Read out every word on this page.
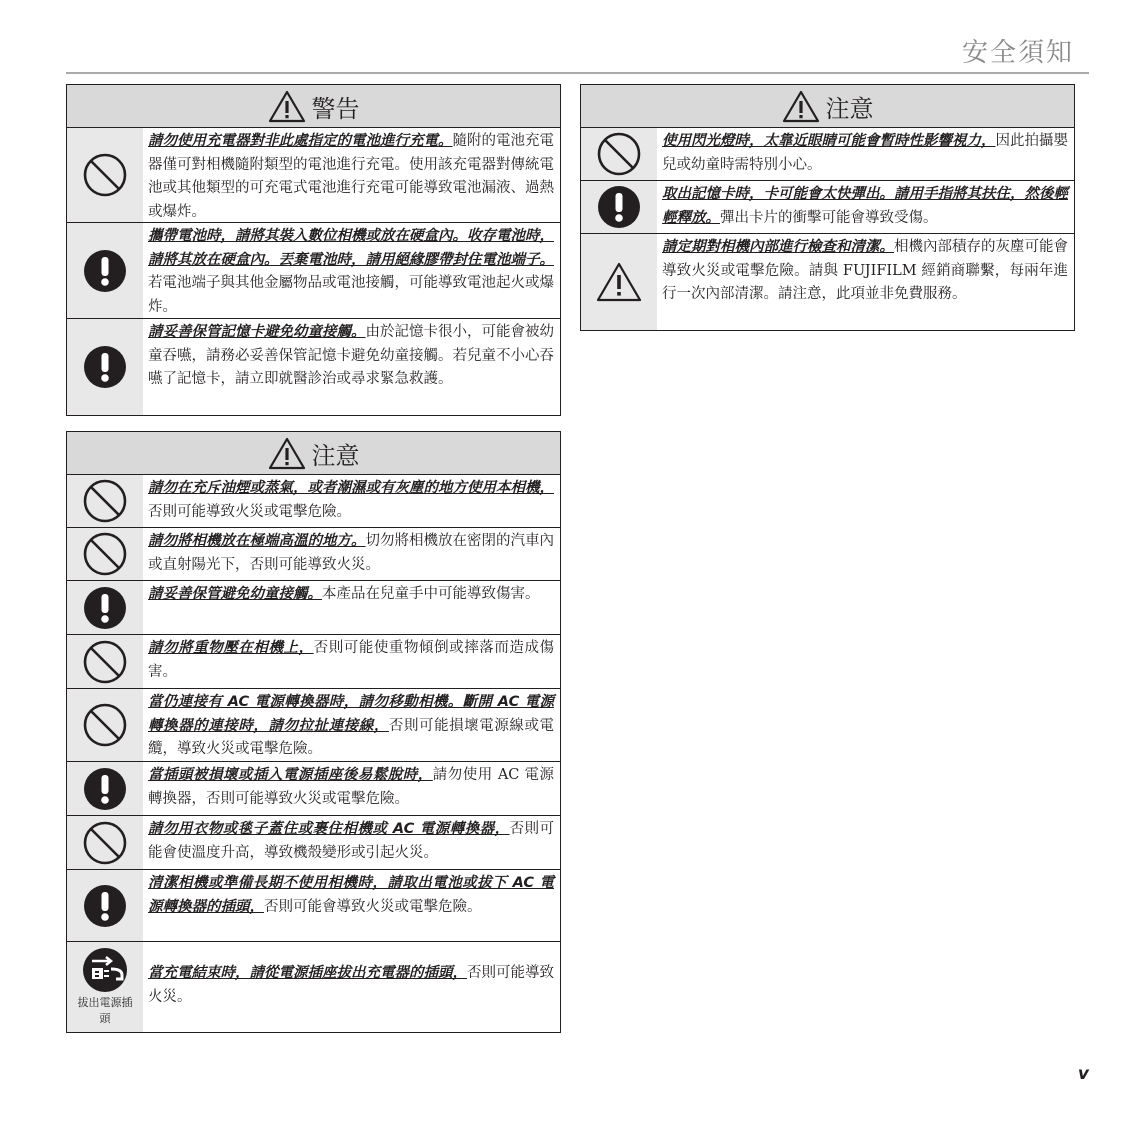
安全須知
警告
請勿使用充電器對非此處指定的電池進行充電。隨附的電池充電器僅可對相機隨附類型的電池進行充電。使用該充電器對傳統電池或其他類型的可充電式電池進行充電可能導致電池漏液、過熱或爆炸。
攜帶電池時，請將其裝入數位相機或放在硬盒內。收存電池時，請將其放在硬盒內。丟棄電池時，請用絕緣膠帶封住電池端子。若電池端子與其他金屬物品或電池接觸，可能導致電池起火或爆炸。
請妥善保管記憶卡避免幼童接觸。由於記憶卡很小，可能會被幼童吞嚥，請務必妥善保管記憶卡避免幼童接觸。若兒童不小心吞嚥了記憶卡，請立即就醫診治或尋求緊急救護。
注意
請勿在充斥油煙或蒸氣，或者潮濕或有灰塵的地方使用本相機，否則可能導致火災或電擊危險。
請勿將相機放在極端高溫的地方。切勿將相機放在密閉的汽車內或直射陽光下，否則可能導致火災。
請妥善保管避免幼童接觸。本產品在兒童手中可能導致傷害。
請勿將重物壓在相機上，否則可能使重物傾倒或摔落而造成傷害。
當仍連接有 AC 電源轉換器時，請勿移動相機。斷開 AC 電源轉換器的連接時，請勿拉扯連接線，否則可能損壞電源線或電纜，導致火災或電擊危險。
當插頭被損壞或插入電源插座後易鬆脫時，請勿使用 AC 電源轉換器，否則可能導致火災或電擊危險。
請勿用衣物或毯子蓋住或裹住相機或 AC 電源轉換器，否則可能會使溫度升高，導致機殼變形或引起火災。
清潔相機或準備長期不使用相機時，請取出電池或拔下 AC 電源轉換器的插頭，否則可能會導致火災或電擊危險。
拔出電源插頭
當充電結束時，請從電源插座拔出充電器的插頭，否則可能導致火災。
注意
使用閃光燈時，太靠近眼睛可能會暫時性影響視力，因此拍攝嬰兒或幼童時需特別小心。
取出記憶卡時，卡可能會太快彈出。請用手指將其扶住，然後輕輕釋放。彈出卡片的衝擊可能會導致受傷。
請定期對相機內部進行檢查和清潔。相機內部積存的灰塵可能會導致火災或電擊危險。請與 FUJIFILM 經銷商聯繫，每兩年進行一次內部清潔。請注意，此項並非免費服務。
v
